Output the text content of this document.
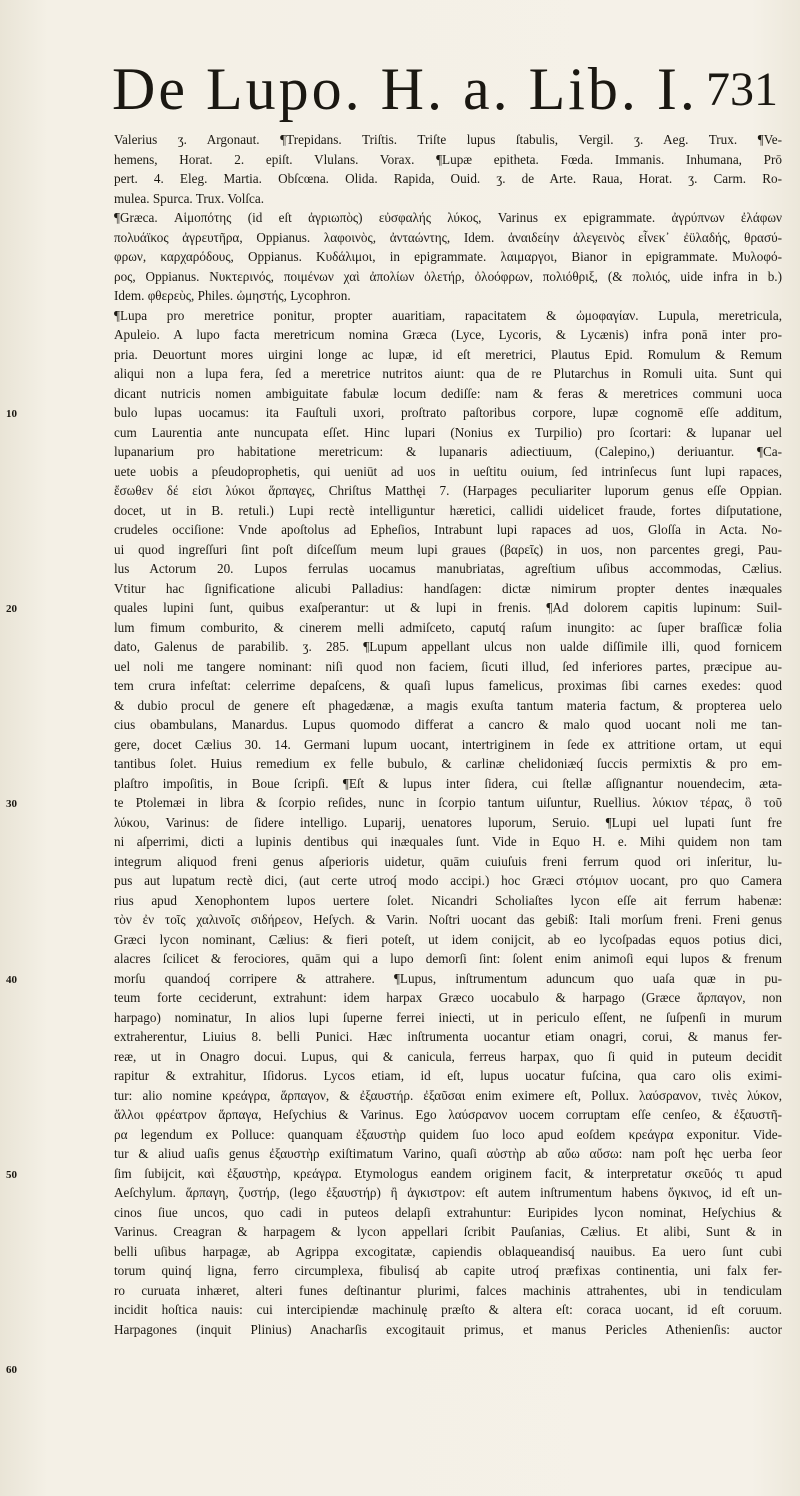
De Lupo. H. a. Lib. I. 731
10
20
30
40
50
60
Valerius ʒ. Argonaut. ¶Trepidans. Triſtis. Triſte lupus ſtabulis, Vergil. ʒ. Aeg. Trux. ¶Ve-
hemens, Horat. 2. epiſt. Vlulans. Vorax. ¶Lupæ epitheta. Fœda. Immanis. Inhumana, Prō
pert. 4. Eleg. Martia. Obſcœna. Olida. Rapida, Ouid. ʒ. de Arte. Raua, Horat. ʒ. Carm. Ro-
mulea. Spurca. Trux. Volſca.
¶Græca. Αἱμοπότης (id eſt ἀγριωπὸς) εὐσφαλής λύκος, Varinus ex epigrammate. ἀγρύπνων ἐλάφων
πολυάϊκος ἀγρευτῆρα, Oppianus. λαφοινὸς, ἀνταώντης, Idem. ἀναιδείην ἀλεγεινὸς εἶνεκ᾽ ἐϋλαδής, θρασύ-
φρων, καρχαρόδους, Oppianus. Κυδάλιμοι, in epigrammate. λαιμαργοι, Bianor in epigrammate. Μυλοφό-
ρος, Oppianus. Νυκτερινός, ποιμένων χαὶ ἀπολίων ὀλετήρ, ὀλοόφρων, πολιόθριξ, (& πολιός, uide infra in b.)
Idem. φθερεὺς, Philes. ὠμηστής, Lycophron.
¶Lupa pro meretrice ponitur, propter auaritiam, rapacitatem & ὠμοφαγίαν. Lupula, meretricula,
Apuleio. A lupo facta meretricum nomina Græca (Lyce, Lycoris, & Lycænis) infra ponā inter pro-
pria. Deuortunt mores uirgini longe ac lupæ, id eſt meretrici, Plautus Epid. Romulum & Remum
aliqui non a lupa fera, ſed a meretrice nutritos aiunt: qua de re Plutarchus in Romuli uita. Sunt qui
dicant nutricis nomen ambiguitate fabulæ locum dediſſe: nam & feras & meretrices communi uoca
bulo lupas uocamus: ita Fauſtuli uxori, proſtrato paſtoribus corpore, lupæ cognomē eſſe additum,
cum Laurentia ante nuncupata eſſet. Hinc lupari (Nonius ex Turpilio) pro ſcortari: & lupanar uel
lupanarium pro habitatione meretricum: & lupanaris adiectiuum, (Calepino,) deriuantur. ¶Ca-
uete uobis a pſeudoprophetis, qui ueniūt ad uos in ueſtitu ouium, ſed intrinſecus ſunt lupi rapaces,
ἔσωθεν δέ εἰσι λύκοι ἅρπαγες, Chriſtus Matthęi 7. (Harpages peculiariter luporum genus eſſe Oppian.
docet, ut in B. retuli.) Lupi rectè intelliguntur hæretici, callidi uidelicet fraude, fortes diſputatione,
crudeles occiſione: Vnde apoſtolus ad Epheſios, Intrabunt lupi rapaces ad uos, Gloſſa in Acta. No-
ui quod ingreſſuri ſint poſt diſceſſum meum lupi graues (βαρεῖς) in uos, non parcentes gregi, Pau-
lus Actorum 20. Lupos ferrulas uocamus manubriatas, agreſtium uſibus accommodas, Cælius.
Vtitur hac ſignificatione alicubi Palladius: handſagen: dictæ nimirum propter dentes inæquales
quales lupini ſunt, quibus exaſperantur: ut & lupi in frenis. ¶Ad dolorem capitis lupinum: Suil-
lum fimum comburito, & cinerem melli admiſceto, caputq́ raſum inungito: ac ſuper braſſicæ folia
dato, Galenus de parabilib. ʒ. 285. ¶Lupum appellant ulcus non ualde diſſimile illi, quod fornicem
uel noli me tangere nominant: niſi quod non faciem, ſicuti illud, ſed inferiores partes, præcipue au-
tem crura infeſtat: celerrime depaſcens, & quaſi lupus famelicus, proximas ſibi carnes exedes: quod
& dubio procul de genere eſt phagedænæ, a magis exuſta tantum materia factum, & propterea uelo
cius obambulans, Manardus. Lupus quomodo differat a cancro & malo quod uocant noli me tan-
gere, docet Cælius 30. 14. Germani lupum uocant, intertriginem in ſede ex attritione ortam, ut equi
tantibus ſolet. Huius remedium ex felle bubulo, & carlinæ chelidoniæq́ ſuccis permixtis & pro em-
plaſtro impoſitis, in Boue ſcripſi. ¶Eſt & lupus inter ſidera, cui ſtellæ aſſignantur nouendecim, æta-
te Ptolemæi in libra & ſcorpio reſides, nunc in ſcorpio tantum uiſuntur, Ruellius. λύκιον τέρας, ὃ τοῦ
λύκου, Varinus: de ſidere intelligo. Luparij, uenatores luporum, Seruio. ¶Lupi uel lupati ſunt fre
ni aſperrimi, dicti a lupinis dentibus qui inæquales ſunt. Vide in Equo H. e. Mihi quidem non tam
integrum aliquod freni genus aſperioris uidetur, quām cuiuſuis freni ferrum quod ori inſeritur, lu-
pus aut lupatum rectè dici, (aut certe utroq́ modo accipi.) hoc Græci στόμιον uocant, pro quo Camera
rius apud Xenophontem lupos uertere ſolet. Nicandri Scholiaſtes lycon eſſe ait ferrum habenæ:
τὸν ἐν τοῖς χαλινοῖς σιδήρεον, Heſych. & Varin. Noſtri uocant das gebiß: Itali morſum freni. Freni genus
Græci lycon nominant, Cælius: & fieri poteſt, ut idem conijcit, ab eo lycoſpadas equos potius dici,
alacres ſcilicet & ferociores, quām qui a lupo demorſi ſint: ſolent enim animoſi equi lupos & frenum
morſu quandoq́ corripere & attrahere. ¶Lupus, inſtrumentum aduncum quo uaſa quæ in pu-
teum forte ceciderunt, extrahunt: idem harpax Græco uocabulo & harpago (Græce ἅρπαγον, non
harpago) nominatur, In alios lupi ſuperne ferrei iniecti, ut in periculo eſſent, ne ſuſpenſi in murum
extraherentur, Liuius 8. belli Punici. Hæc inſtrumenta uocantur etiam onagri, corui, & manus fer-
reæ, ut in Onagro docui. Lupus, qui & canicula, ferreus harpax, quo ſi quid in puteum decidit
rapitur & extrahitur, Iſidorus. Lycos etiam, id eſt, lupus uocatur fuſcina, qua caro olis eximi-
tur: alio nomine κρεάγρα, ἅρπαγον, & ἐξαυστήρ. ἐξαῦσαι enim eximere eſt, Pollux. λαύσρανον, τινὲς λύκον,
ἄλλοι φρέατρον ἅρπαγα, Heſychius & Varinus. Ego λαύσρανον uocem corruptam eſſe cenſeo, & ἐξαυστῆ-
ρα legendum ex Polluce: quanquam ἐξαυστὴρ quidem ſuo loco apud eoſdem κρεάγρα exponitur. Vide-
tur & aliud uaſis genus ἐξαυστὴρ exiſtimatum Varino, quaſi αὐστὴρ ab αὔω αὔσω: nam poſt hęc uerba ſeor
ſim ſubijcit, καὶ ἐξαυστὴρ, κρεάγρα. Etymologus eandem originem facit, & interpretatur σκεῦός τι apud
Aeſchylum. ἅρπαγη, ζυστήρ, (lego ἐξαυστήρ) ἢ ἀγκιστρον: eſt autem inſtrumentum habens ὄγκινος, id eſt un-
cinos ſiue uncos, quo cadi in puteos delapſi extrahuntur: Euripides lycon nominat, Heſychius &
Varinus. Creagran & harpagem & lycon appellari ſcribit Pauſanias, Cælius. Et alibi, Sunt & in
belli uſibus harpagæ, ab Agrippa excogitatæ, capiendis oblaqueandisq́ nauibus. Ea uero ſunt cubi
torum quinq́ ligna, ferro circumplexa, fibulisq́ ab capite utroq́ præfixas continentia, uni falx fer-
ro curuata inhæret, alteri funes deſtinantur plurimi, falces machinis attrahentes, ubi in tendiculam
incidit hoſtica nauis: cui intercipiendæ machinulę præſto & altera eſt: coraca uocant, id eſt coruum.
Harpagones (inquit Plinius) Anacharſis excogitauit primus, et manus Pericles Athenienſis: auctor
